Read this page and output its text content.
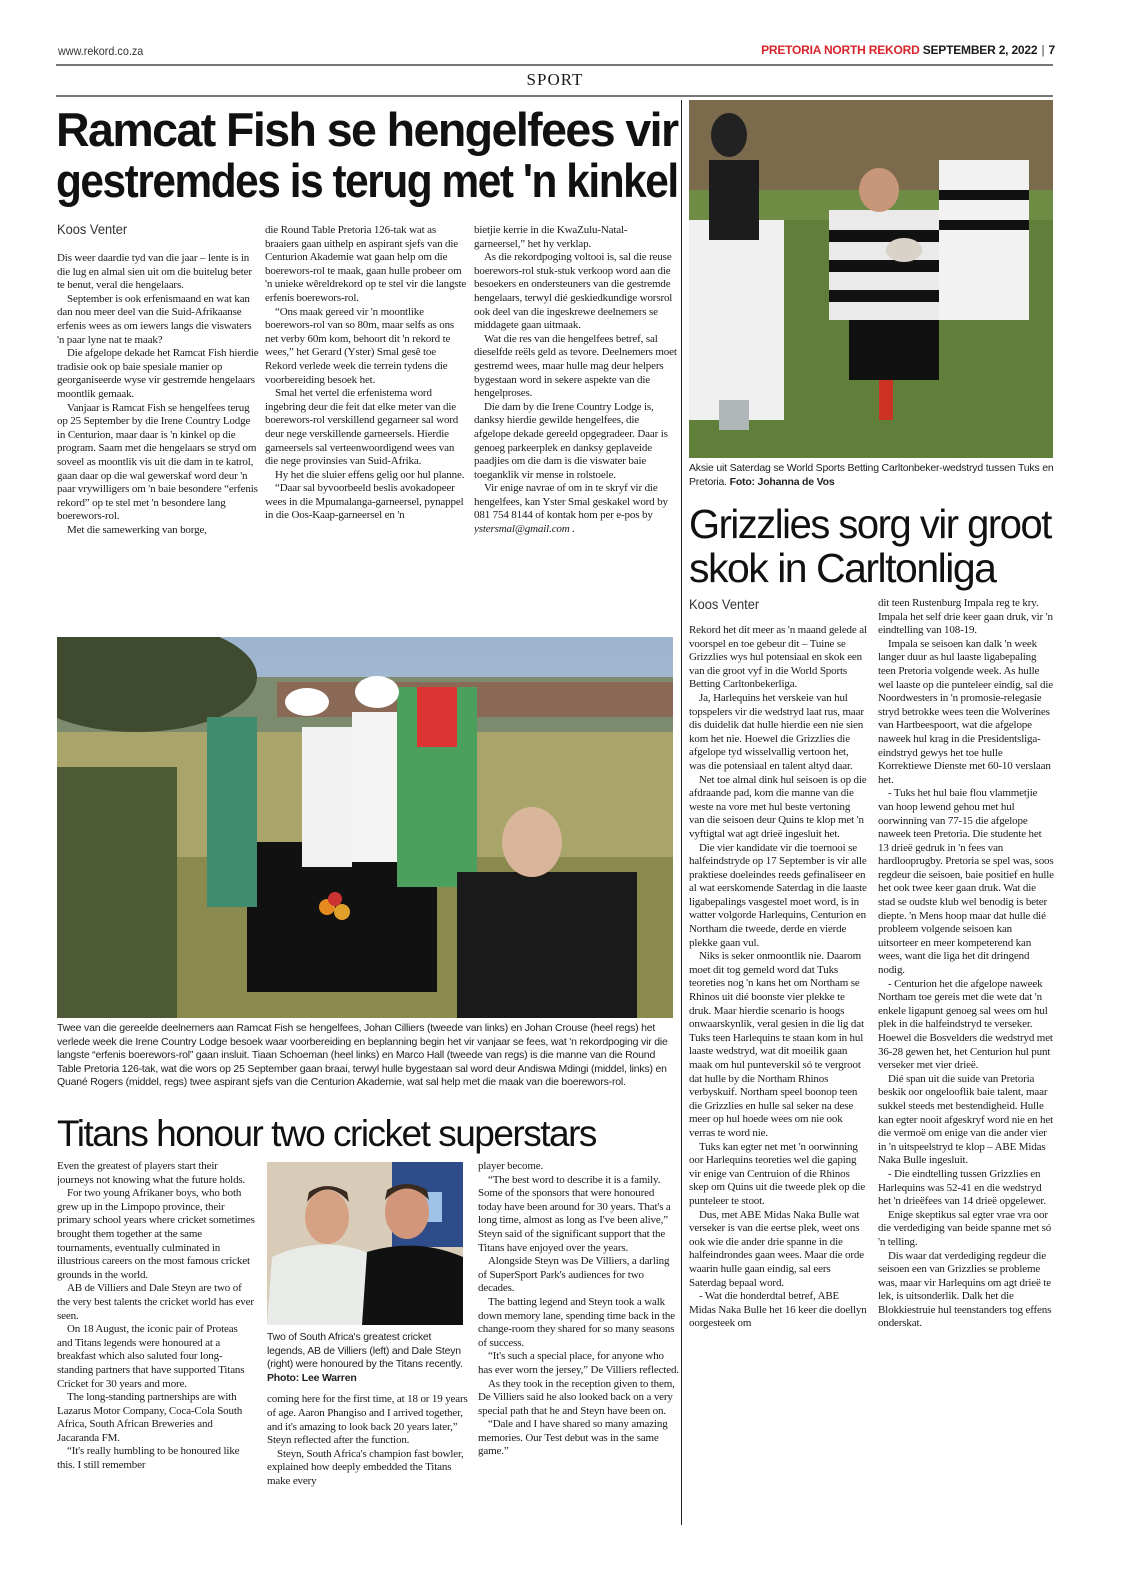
www.rekord.co.za	PRETORIA NORTH REKORD SEPTEMBER 2, 2022 | 7
SPORT
Ramcat Fish se hengelfees vir
gestremdes is terug met 'n kinkel
Koos Venter

Dis weer daardie tyd van die jaar – lente is in die lug en almal sien uit om die buitelug beter te benut, veral die hengelaars.

September is ook erfenismaand en wat kan dan nou meer deel van die Suid-Afrikaanse erfenis wees as om iewers langs die viswaters 'n paar lyne nat te maak?

Die afgelope dekade het Ramcat Fish hierdie tradisie ook op baie spesiale manier op georganiseerde wyse vir gestremde hengelaars moontlik gemaak.

Vanjaar is Ramcat Fish se hengelfees terug op 25 September by die Irene Country Lodge in Centurion, maar daar is 'n kinkel op die program. Saam met die hengelaars se stryd om soveel as moontlik vis uit die dam in te katrol, gaan daar op die wal gewerskaf word deur 'n paar vrywilligers om 'n baie besondere “erfenis rekord” op te stel met 'n besondere lang boerewors-rol.

Met die samewerking van borge,

die Round Table Pretoria 126-tak wat as braaiers gaan uithelp en aspirant sjefs van die Centurion Akademie wat gaan help om die boerewors-rol te maak, gaan hulle probeer om 'n unieke wêreldrekord op te stel vir die langste erfenis boerewors-rol.

“Ons maak gereed vir 'n moontlike boerewors-rol van so 80m, maar selfs as ons net verby 60m kom, behoort dit 'n rekord te wees,” het Gerard (Yster) Smal gesê toe Rekord verlede week die terrein tydens die voorbereiding besoek het.

Smal het vertel die erfenistema word ingebring deur die feit dat elke meter van die boerewors-rol verskillend gegarneer sal word deur nege verskillende garneersels. Hierdie garneersels sal verteenwoordigend wees van die nege provinsies van Suid-Afrika.

Hy het die sluier effens gelig oor hul planne.

“Daar sal byvoorbeeld beslis avokadopeer wees in die Mpumalanga-garneersel, pynappel in die Oos-Kaap-garneersel en 'n

bietjie kerrie in die KwaZulu-Natal-garneersel,” het hy verklap.

As die rekordpoging voltooi is, sal die reuse boerewors-rol stuk-stuk verkoop word aan die besoekers en ondersteuners van die gestremde hengelaars, terwyl dié geskiedkundige worsrol ook deel van die ingeskrewe deelnemers se middagete gaan uitmaak.

Wat die res van die hengelfees betref, sal dieselfde reëls geld as tevore. Deelnemers moet gestremd wees, maar hulle mag deur helpers bygestaan word in sekere aspekte van die hengelproses.

Die dam by die Irene Country Lodge is, danksy hierdie gewilde hengelfees, die afgelope dekade gereeld opgegradeer. Daar is genoeg parkeerplek en danksy geplaveide paadjies om die dam is die viswater baie toeganklik vir mense in rolstoele.

Vir enige navrae of om in te skryf vir die hengelfees, kan Yster Smal geskakel word by 081 754 8144 of kontak hom per e-pos by ystersmal@gmail.com .

Twee van die gereelde deelnemers aan Ramcat Fish se hengelfees, Johan Cilliers (tweede van links) en Johan Crouse (heel regs) het verlede week die Irene Country Lodge besoek waar voorbereiding en beplanning begin het vir vanjaar se fees, wat 'n rekordpoging vir die langste “erfenis boerewors-rol” gaan insluit. Tiaan Schoeman (heel links) en Marco Hall (tweede van regs) is die manne van die Round Table Pretoria 126-tak, wat die wors op 25 September gaan braai, terwyl hulle bygestaan sal word deur Andiswa Mdingi (middel, links) en Quané Rogers (middel, regs) twee aspirant sjefs van die Centurion Akademie, wat sal help met die maak van die boerewors-rol.
Titans honour two cricket superstars

Even the greatest of players start their journeys not knowing what the future holds.

For two young Afrikaner boys, who both grew up in the Limpopo province, their primary school years where cricket sometimes brought them together at the same tournaments, eventually culminated in illustrious careers on the most famous cricket grounds in the world.

AB de Villiers and Dale Steyn are two of the very best talents the cricket world has ever seen.

On 18 August, the iconic pair of Proteas and Titans legends were honoured at a breakfast which also saluted four long-standing partners that have supported Titans Cricket for 30 years and more.

The long-standing partnerships are with Lazarus Motor Company, Coca-Cola South Africa, South African Breweries and Jacaranda FM.

“It's really humbling to be honoured like this. I still remember

Two of South Africa's greatest cricket legends, AB de Villiers (left) and Dale Steyn (right) were honoured by the Titans recently.
Photo: Lee Warren

coming here for the first time, at 18 or 19 years of age. Aaron Phangiso and I arrived together, and it's amazing to look back 20 years later,” Steyn reflected after the function.

Steyn, South Africa's champion fast bowler, explained how deeply embedded the Titans make every

player become.

“The best word to describe it is a family. Some of the sponsors that were honoured today have been around for 30 years. That's a long time, almost as long as I've been alive,” Steyn said of the significant support that the Titans have enjoyed over the years.

Alongside Steyn was De Villiers, a darling of SuperSport Park's audiences for two decades.

The batting legend and Steyn took a walk down memory lane, spending time back in the change-room they shared for so many seasons of success.

“It's such a special place, for anyone who has ever worn the jersey,” De Villiers reflected.

As they took in the reception given to them, De Villiers said he also looked back on a very special path that he and Steyn have been on.

“Dale and I have shared so many amazing memories. Our Test debut was in the same game.”

Aksie uit Saterdag se World Sports Betting Carltonbeker-wedstryd tussen Tuks en Pretoria. Foto: Johanna de Vos
Grizzlies sorg vir groot
skok in Carltonliga
Koos Venter

Rekord het dit meer as 'n maand gelede al voorspel en toe gebeur dit – Tuine se Grizzlies wys hul potensiaal en skok een van die groot vyf in die World Sports Betting Carltonbekerliga.

Ja, Harlequins het verskeie van hul topspelers vir die wedstryd laat rus, maar dis duidelik dat hulle hierdie een nie sien kom het nie. Hoewel die Grizzlies die afgelope tyd wisselvallig vertoon het, was die potensiaal en talent altyd daar.

Net toe almal dink hul seisoen is op die afdraande pad, kom die manne van die weste na vore met hul beste vertoning van die seisoen deur Quins te klop met 'n vyftigtal wat agt drieë ingesluit het.

Die vier kandidate vir die toernooi se halfeindstryde op 17 September is vir alle praktiese doeleindes reeds gefinaliseer en al wat eerskomende Saterdag in die laaste ligabepalings vasgestel moet word, is in watter volgorde Harlequins, Centurion en Northam die tweede, derde en vierde plekke gaan vul.

Niks is seker onmoontlik nie. Daarom moet dit tog gemeld word dat Tuks teoreties nog 'n kans het om Northam se Rhinos uit dié boonste vier plekke te druk. Maar hierdie scenario is hoogs onwaarskynlik, veral gesien in die lig dat Tuks teen Harlequins te staan kom in hul laaste wedstryd, wat dit moeilik gaan maak om hul punteverskil só te vergroot dat hulle by die Northam Rhinos verbyskuif. Northam speel boonop teen die Grizzlies en hulle sal seker na dese meer op hul hoede wees om nie ook verras te word nie.

Tuks kan egter net met 'n oorwinning oor Harlequins teoreties wel die gaping vir enige van Centruion of die Rhinos skep om Quins uit die tweede plek op die punteleer te stoot.

Dus, met ABE Midas Naka Bulle wat verseker is van die eertse plek, weet ons ook wie die ander drie spanne in die halfeindrondes gaan wees. Maar die orde waarin hulle gaan eindig, sal eers Saterdag bepaal word.

- Wat die honderdtal betref, ABE Midas Naka Bulle het 16 keer die doellyn oorgesteek om

dit teen Rustenburg Impala reg te kry. Impala het self drie keer gaan druk, vir 'n eindtelling van 108-19.

Impala se seisoen kan dalk 'n week langer duur as hul laaste ligabepaling teen Pretoria volgende week. As hulle wel laaste op die punteleer eindig, sal die Noordwesters in 'n promosie-relegasie stryd betrokke wees teen die Wolverines van Hartbeespoort, wat die afgelope naweek hul krag in die Presidentsliga-eindstryd gewys het toe hulle Korrektiewe Dienste met 60-10 verslaan het.

- Tuks het hul baie flou vlammetjie van hoop lewend gehou met hul oorwinning van 77-15 die afgelope naweek teen Pretoria. Die studente het 13 drieë gedruk in 'n fees van hardlooprugby. Pretoria se spel was, soos regdeur die seisoen, baie positief en hulle het ook twee keer gaan druk. Wat die stad se oudste klub wel benodig is beter diepte. 'n Mens hoop maar dat hulle dié probleem volgende seisoen kan uitsorteer en meer kompeterend kan wees, want die liga het dit dringend nodig.

- Centurion het die afgelope naweek Northam toe gereis met die wete dat 'n enkele ligapunt genoeg sal wees om hul plek in die halfeindstryd te verseker. Hoewel die Bosvelders die wedstryd met 36-28 gewen het, het Centurion hul punt verseker met vier drieë.

Dié span uit die suide van Pretoria beskik oor ongelooflik baie talent, maar sukkel steeds met bestendigheid. Hulle kan egter nooit afgeskryf word nie en het die vermoë om enige van die ander vier in 'n uitspeelstryd te klop – ABE Midas Naka Bulle ingesluit.

- Die eindtelling tussen Grizzlies en Harlequins was 52-41 en die wedstryd het 'n drieëfees van 14 drieë opgelewer.

Enige skeptikus sal egter vrae vra oor die verdediging van beide spanne met só 'n telling.

Dis waar dat verdediging regdeur die seisoen een van Grizzlies se probleme was, maar vir Harlequins om agt drieë te lek, is uitsonderlik. Dalk het die Blokkiestruie hul teenstanders tog effens onderskat.
